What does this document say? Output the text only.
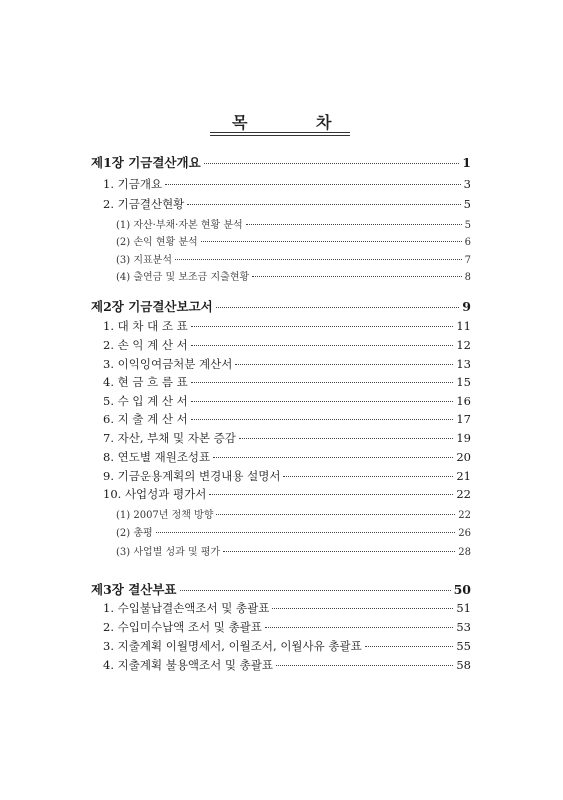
목	차
제1장 기금결산개요	1
1. 기금개요	3
2. 기금결산현황	5
(1) 자산·부채·자본 현황 분석	5
(2) 손익 현황 분석	6
(3) 지표분석	7
(4) 출연금 및 보조금 지출현황	8
제2장 기금결산보고서	9
1. 대 차 대 조 표	11
2. 손 익 계 산 서	12
3. 이익잉여금처분 계산서	13
4. 현 금 흐 름 표	15
5. 수 입 계 산 서	16
6. 지 출 계 산 서	17
7. 자산, 부채 및 자본 증감	19
8. 연도별 재원조성표	20
9. 기금운용계획의 변경내용 설명서	21
10. 사업성과 평가서	22
(1) 2007년 정책 방향	22
(2) 총평	26
(3) 사업별 성과 및 평가	28
제3장 결산부표	50
1. 수입불납결손액조서 및 총괄표	51
2. 수입미수납액 조서 및 총괄표	53
3. 지출계획 이월명세서, 이월조서, 이월사유 총괄표	55
4. 지출계획 불용액조서 및 총괄표	58
